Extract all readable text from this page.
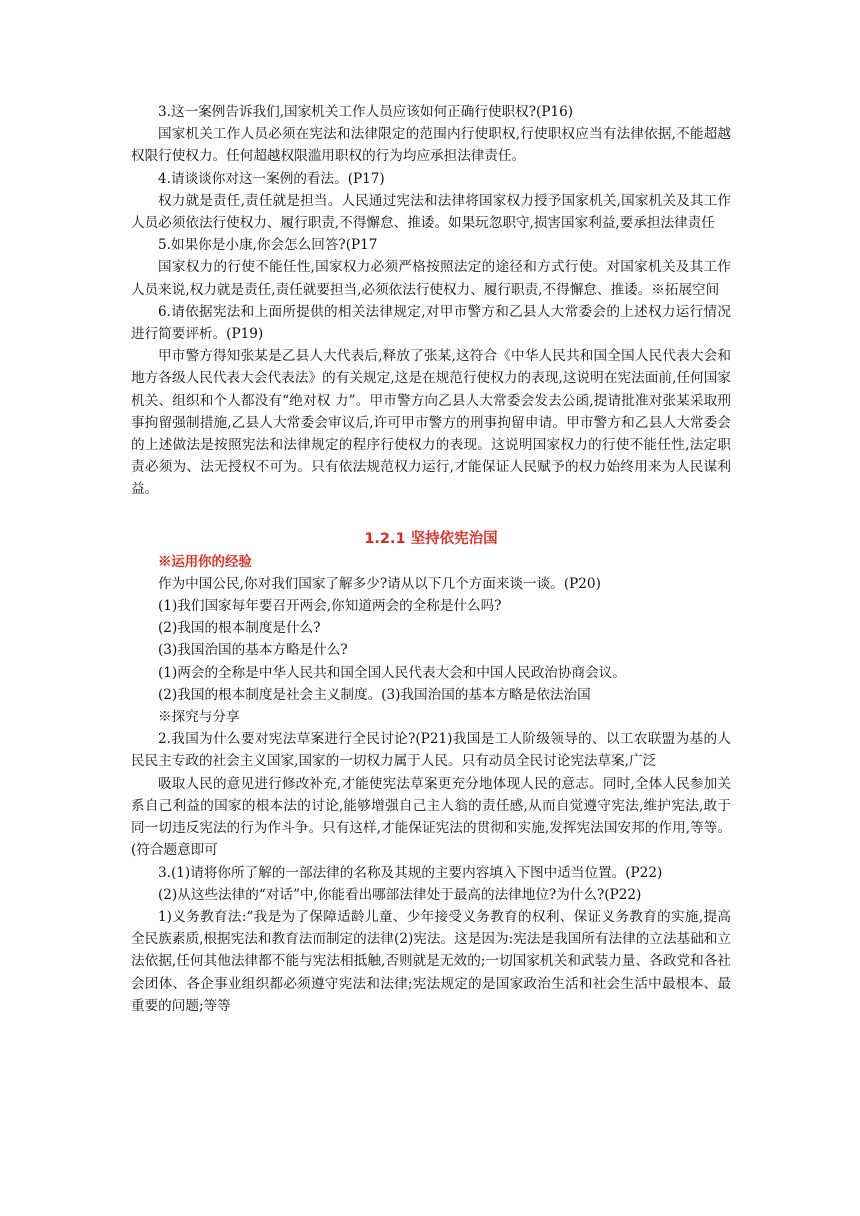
3.这一案例告诉我们,国家机关工作人员应该如何正确行使职权?(P16)

国家机关工作人员必须在宪法和法律限定的范围内行使职权,行使职权应当有法律依据,不能超越权限行使权力。任何超越权限滥用职权的行为均应承担法律责任。

4.请谈谈你对这一案例的看法。(P17)

权力就是责任,责任就是担当。人民通过宪法和法律将国家权力授予国家机关,国家机关及其工作人员必须依法行使权力、履行职责,不得懈怠、推诿。如果玩忽职守,损害国家利益,要承担法律责任

5.如果你是小康,你会怎么回答?(P17

国家权力的行使不能任性,国家权力必须严格按照法定的途径和方式行使。对国家机关及其工作人员来说,权力就是责任,责任就要担当,必须依法行使权力、履行职责,不得懈怠、推诿。※拓展空间

6.请依据宪法和上面所提供的相关法律规定,对甲市警方和乙县人大常委会的上述权力运行情况进行简要评析。(P19)

甲市警方得知张某是乙县人大代表后,释放了张某,这符合《中华人民共和国全国人民代表大会和地方各级人民代表大会代表法》的有关规定,这是在规范行使权力的表现,这说明在宪法面前,任何国家机关、组织和个人都没有“绝对权 力”。甲市警方向乙县人大常委会发去公函,提请批准对张某采取刑事拘留强制措施,乙县人大常委会审议后,许可甲市警方的刑事拘留申请。甲市警方和乙县人大常委会的上述做法是按照宪法和法律规定的程序行使权力的表现。这说明国家权力的行使不能任性,法定职责必须为、法无授权不可为。只有依法规范权力运行,才能保证人民赋予的权力始终用来为人民谋利益。

1.2.1 坚持依宪治国

※运用你的经验

作为中国公民,你对我们国家了解多少?请从以下几个方面来谈一谈。(P20)

(1)我们国家每年要召开两会,你知道两会的全称是什么吗?

(2)我国的根本制度是什么?

(3)我国治国的基本方略是什么?

(1)两会的全称是中华人民共和国全国人民代表大会和中国人民政治协商会议。

(2)我国的根本制度是社会主义制度。(3)我国治国的基本方略是依法治国

※探究与分享

2.我国为什么要对宪法草案进行全民讨论?(P21)我国是工人阶级领导的、以工农联盟为基的人民民主专政的社会主义国家,国家的一切权力属于人民。只有动员全民讨论宪法草案,广泛

吸取人民的意见进行修改补充,才能使宪法草案更充分地体现人民的意志。同时,全体人民参加关系自己利益的国家的根本法的讨论,能够增强自己主人翁的责任感,从而自觉遵守宪法,维护宪法,敢于同一切违反宪法的行为作斗争。只有这样,才能保证宪法的贯彻和实施,发挥宪法国安邦的作用,等等。(符合题意即可

3.(1)请将你所了解的一部法律的名称及其规的主要内容填入下图中适当位置。(P22)

(2)从这些法律的“对话”中,你能看出哪部法律处于最高的法律地位?为什么?(P22)

1)义务教育法:“我是为了保障适龄儿童、少年接受义务教育的权利、保证义务教育的实施,提高全民族素质,根据宪法和教育法而制定的法律(2)宪法。这是因为:宪法是我国所有法律的立法基础和立法依据,任何其他法律都不能与宪法相抵触,否则就是无效的;一切国家机关和武装力量、各政党和各社会团体、各企事业组织都必须遵守宪法和法律;宪法规定的是国家政治生活和社会生活中最根本、最重要的问题;等等
